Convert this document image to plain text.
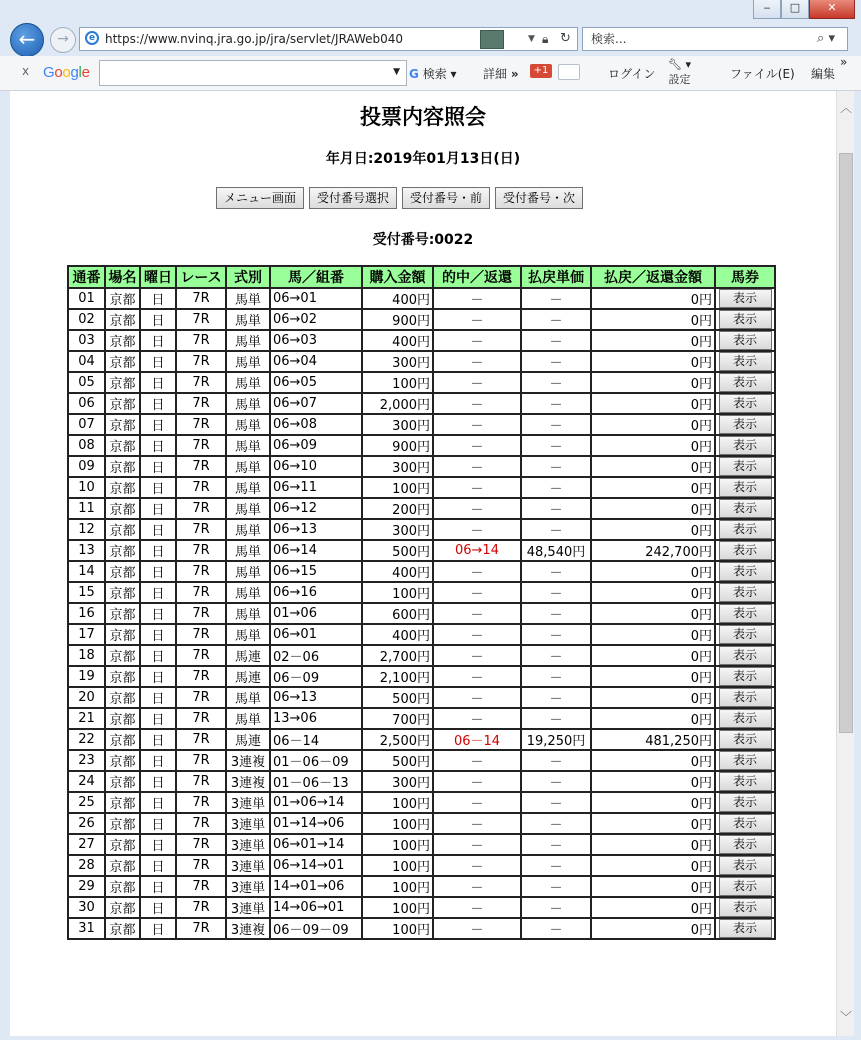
‒	□	✕
←	→	e https://www.nvinq.jra.go.jp/jra/servlet/JRAWeb040	▼ 🔒︎ ↻ 検索...	⌕ ▾
x Google	▼ G 検索 ▾ 詳細 »	+1	ログイン
🔧︎ ▾
設定	ファイル(E) 編集
»
投票内容照会
年月日:2019年01月13日(日)
メニュー画面	受付番号選択	受付番号・前	受付番号・次
受付番号:0022
通番	場名	曜日	レース	式別	馬／組番	購入金額	的中／返還	払戻単価	払戻／返還金額	馬券
01	京都	日	7R	馬単	06→01	400円	－	－	0円	表示
02	京都	日	7R	馬単	06→02	900円	－	－	0円	表示
03	京都	日	7R	馬単	06→03	400円	－	－	0円	表示
04	京都	日	7R	馬単	06→04	300円	－	－	0円	表示
05	京都	日	7R	馬単	06→05	100円	－	－	0円	表示
06	京都	日	7R	馬単	06→07	2,000円	－	－	0円	表示
07	京都	日	7R	馬単	06→08	300円	－	－	0円	表示
08	京都	日	7R	馬単	06→09	900円	－	－	0円	表示
09	京都	日	7R	馬単	06→10	300円	－	－	0円	表示
10	京都	日	7R	馬単	06→11	100円	－	－	0円	表示
11	京都	日	7R	馬単	06→12	200円	－	－	0円	表示
12	京都	日	7R	馬単	06→13	300円	－	－	0円	表示
13	京都	日	7R	馬単	06→14	500円	06→14	48,540円	242,700円	表示
14	京都	日	7R	馬単	06→15	400円	－	－	0円	表示
15	京都	日	7R	馬単	06→16	100円	－	－	0円	表示
16	京都	日	7R	馬単	01→06	600円	－	－	0円	表示
17	京都	日	7R	馬単	06→01	400円	－	－	0円	表示
18	京都	日	7R	馬連	02－06	2,700円	－	－	0円	表示
19	京都	日	7R	馬連	06－09	2,100円	－	－	0円	表示
20	京都	日	7R	馬単	06→13	500円	－	－	0円	表示
21	京都	日	7R	馬単	13→06	700円	－	－	0円	表示
22	京都	日	7R	馬連	06－14	2,500円	06－14	19,250円	481,250円	表示
23	京都	日	7R	3連複	01－06－09	500円	－	－	0円	表示
24	京都	日	7R	3連複	01－06－13	300円	－	－	0円	表示
25	京都	日	7R	3連単	01→06→14	100円	－	－	0円	表示
26	京都	日	7R	3連単	01→14→06	100円	－	－	0円	表示
27	京都	日	7R	3連単	06→01→14	100円	－	－	0円	表示
28	京都	日	7R	3連単	06→14→01	100円	－	－	0円	表示
29	京都	日	7R	3連単	14→01→06	100円	－	－	0円	表示
30	京都	日	7R	3連単	14→06→01	100円	－	－	0円	表示
31	京都	日	7R	3連複	06－09－09	100円	－	－	0円	表示
︿
﹀
